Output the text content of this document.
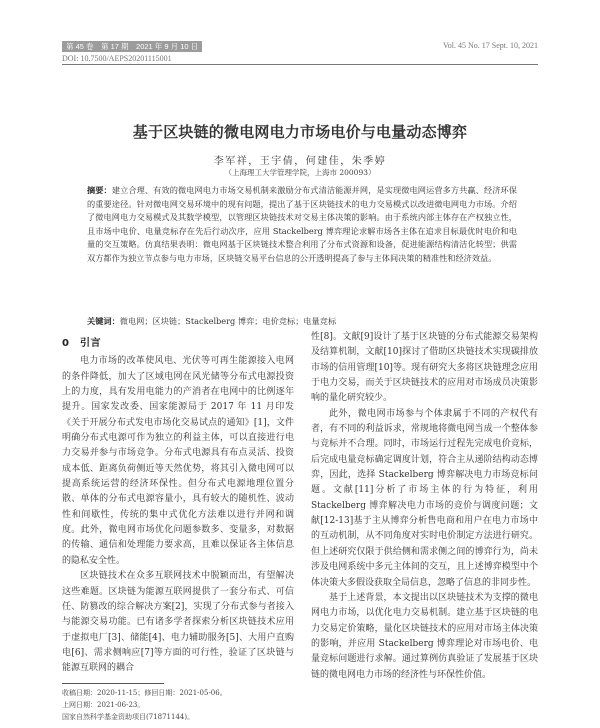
第 45 卷　第 17 期　2021 年 9 月 10 日	Vol. 45 No. 17 Sept. 10, 2021
DOI: 10.7500/AEPS20201115001
基于区块链的微电网电力市场电价与电量动态博弈
李军祥，王宇倩，何建佳，朱季婷
（上海理工大学管理学院，上海市 200093）
摘要：建立合理、有效的微电网电力市场交易机制来激励分布式清洁能源并网，是实现微电网运营多方共赢、经济环保的重要途径。针对微电网交易环境中的现有问题，提出了基于区块链技术的电力交易模式以改进微电网电力市场。介绍了微电网电力交易模式及其数学模型，以管理区块链技术对交易主体决策的影响。由于系统内部主体存在产权独立性，且市场中电价、电量竞标存在先后行动次序，应用 Stackelberg 博弈理论求解市场各主体在追求目标最优时电价和电量的交互策略。仿真结果表明：微电网基于区块链技术整合利用了分布式资源和设备，促进能源结构清洁化转型；供需双方都作为独立节点参与电力市场，区块链交易平台信息的公开透明提高了参与主体间决策的精准性和经济效益。
关键词：微电网；区块链；Stackelberg 博弈；电价竞标；电量竞标
0　引言

电力市场的改革使风电、光伏等可再生能源接入电网的条件降低，加大了区域电网在风光储等分布式电源投资上的力度，具有发用电能力的产消者在电网中的比例逐年提升。国家发改委、国家能源局于 2017 年 11 月印发《关于开展分布式发电市场化交易试点的通知》[1]，文件明确分布式电源可作为独立的利益主体，可以直接进行电力交易并参与市场竞争。分布式电源具有布点灵活、投资成本低、距离负荷侧近等天然优势，将其引入微电网可以提高系统运营的经济环保性。但分布式电源地理位置分散、单体的分布式电源容量小，具有较大的随机性、波动性和间歇性，传统的集中式优化方法难以进行并网和调度。此外，微电网市场优化问题参数多、变量多，对数据的传输、通信和处理能力要求高，且难以保证各主体信息的隐私安全性。

区块链技术在众多互联网技术中脱颖而出，有望解决这些难题。区块链为能源互联网提供了一套分布式、可信任、防篡改的综合解决方案[2]，实现了分布式参与者接入与能源交易功能。已有诸多学者探索分析区块链技术应用于虚拟电厂[3]、储能[4]、电力辅助服务[5]、大用户直购电[6]、需求侧响应[7]等方面的可行性，验证了区块链与能源互联网的耦合

性[8]。文献[9]设计了基于区块链的分布式能源交易架构及结算机制，文献[10]探讨了借助区块链技术实现碳排放市场的信用管理[10]等。现有研究大多将区块链理念应用于电力交易，而关于区块链技术的应用对市场成员决策影响的量化研究较少。

此外，微电网市场参与个体隶属于不同的产权代有者，有不同的利益诉求，常规地将微电网当成一个整体参与竞标并不合理。同时，市场运行过程先完成电价竞标，后完成电量竞标确定调度计划，符合主从递阶结构动态博弈，因此，选择 Stackelberg 博弈解决电力市场竞标问题。文献[11]分析了市场主体的行为特征，利用 Stackelberg 博弈解决电力市场的竞价与调度问题；文献[12-13]基于主从博弈分析售电商和用户在电力市场中的互动机制，从不同角度对实时电价制定方法进行研究。但上述研究仅限于供给侧和需求侧之间的博弈行为，尚未涉及电网系统中多元主体间的交互，且上述博弈模型中个体决策大多假设获取全局信息，忽略了信息的非同步性。

基于上述背景，本文提出以区块链技术为支撑的微电网电力市场，以优化电力交易机制。建立基于区块链的电力交易定价策略，量化区块链技术的应用对市场主体决策的影响，并应用 Stackelberg 博弈理论对市场电价、电量竞标问题进行求解。通过算例仿真验证了发展基于区块链的微电网电力市场的经济性与环保性价值。

收稿日期：2020-11-15；修回日期：2021-05-06。
上网日期：2021-06-23。
国家自然科学基金资助项目(71871144)。
